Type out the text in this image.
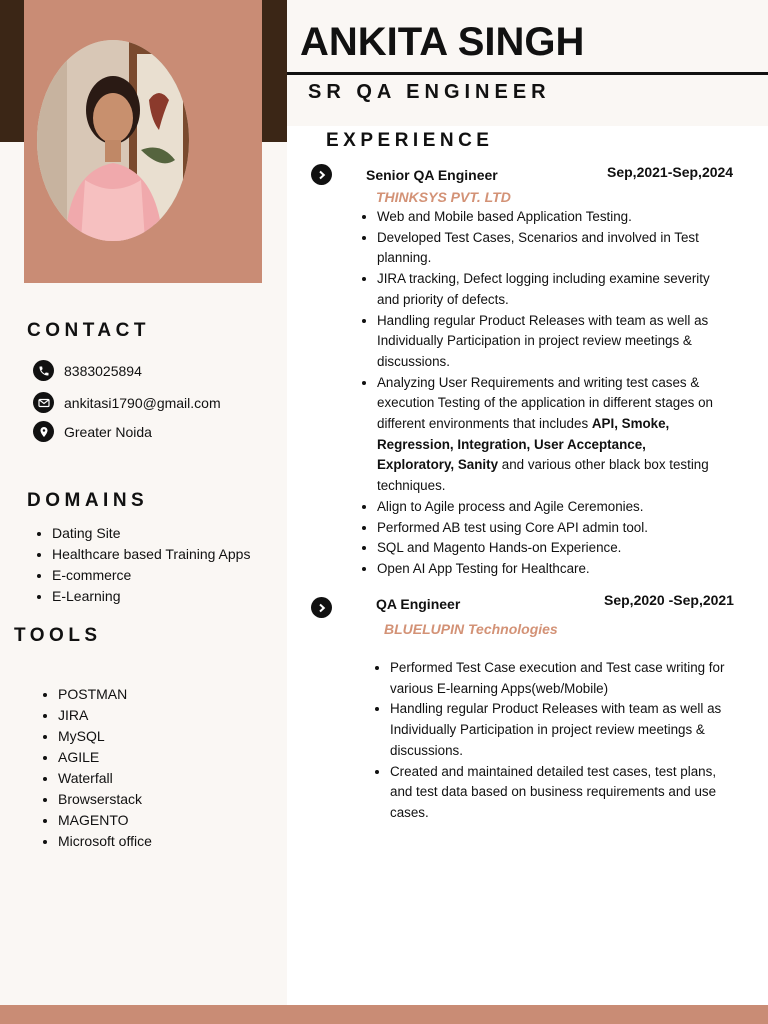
ANKITA SINGH
SR QA ENGINEER
CONTACT
8383025894
ankitasi1790@gmail.com
Greater Noida
DOMAINS
• Dating Site
• Healthcare based Training Apps
• E-commerce
• E-Learning
TOOLS
• POSTMAN
• JIRA
• MySQL
• AGILE
• Waterfall
• Browserstack
• MAGENTO
• Microsoft office
EXPERIENCE
Senior QA Engineer	Sep,2021-Sep,2024
THINKSYS PVT. LTD
• Web and Mobile based Application Testing.
• Developed Test Cases, Scenarios and involved in Test planning.
• JIRA tracking, Defect logging including examine severity and priority of defects.
• Handling regular Product Releases with team as well as Individually Participation in project review meetings & discussions.
• Analyzing User Requirements and writing test cases & execution Testing of the application in different stages on different environments that includes API, Smoke, Regression, Integration, User Acceptance, Exploratory, Sanity and various other black box testing techniques.
• Align to Agile process and Agile Ceremonies.
• Performed AB test using Core API admin tool.
• SQL and Magento Hands-on Experience.
• Open AI App Testing for Healthcare.
QA Engineer	Sep,2020 -Sep,2021
BLUELUPIN Technologies
• Performed Test Case execution and Test case writing for various E-learning Apps(web/Mobile)
• Handling regular Product Releases with team as well as Individually Participation in project review meetings & discussions.
• Created and maintained detailed test cases, test plans, and test data based on business requirements and use cases.
